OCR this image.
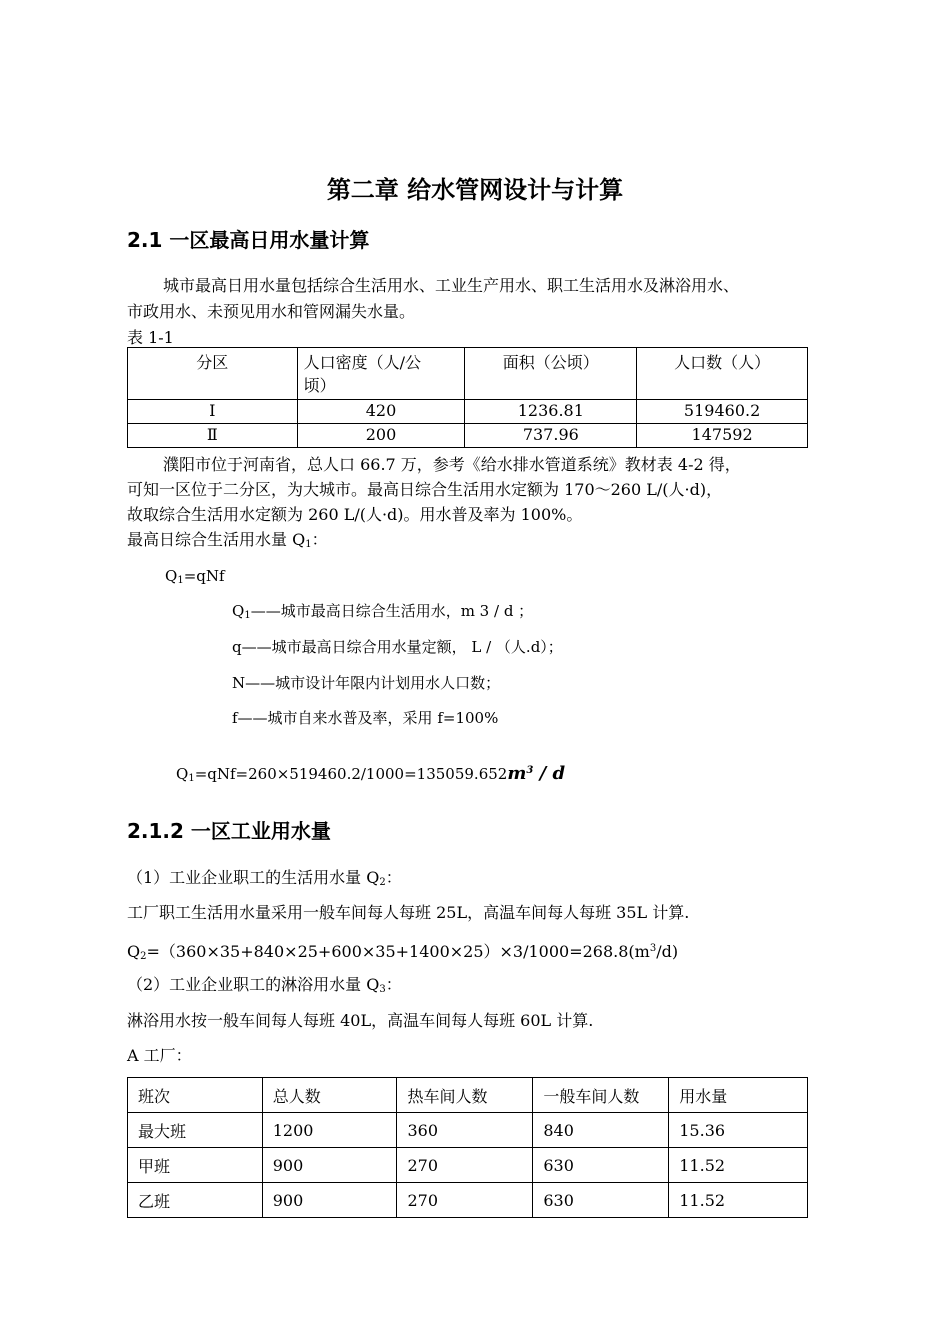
第二章 给水管网设计与计算
2.1 一区最高日用水量计算
城市最高日用水量包括综合生活用水、工业生产用水、职工生活用水及淋浴用水、
市政用水、未预见用水和管网漏失水量。
表 1-1
分区	人口密度（人/公
顷）	面积（公顷）	人口数（人）
Ⅰ	420	1236.81	519460.2
Ⅱ	200	737.96	147592
濮阳市位于河南省，总人口 66.7 万，参考《给水排水管道系统》教材表 4-2 得，
可知一区位于二分区，为大城市。最高日综合生活用水定额为 170～260 L/(人·d)，
故取综合生活用水定额为 260 L/(人·d)。用水普及率为 100%。
最高日综合生活用水量 $Q_1$：
$Q_1=qNf$
$Q_1——$城市最高日综合生活用水，m 3 / d ；
q——城市最高日综合用水量定额， L / （人.d）；
N——城市设计年限内计划用水人口数；
f——城市自来水普及率，采用 f=100%
$Q_1=qNf=260\times 519460.2/1000=135059.652m^3 / d$
2.1.2 一区工业用水量
（1）工业企业职工的生活用水量 $Q_2$：
工厂职工生活用水量采用一般车间每人每班 25L，高温车间每人每班 35L 计算.
$Q_2=(360\times 35+840\times 25+600\times 35+1400\times 25)\times 3/1000=268.8(m^3/d)$
（2）工业企业职工的淋浴用水量 $Q_3$：
淋浴用水按一般车间每人每班 40L，高温车间每人每班 60L 计算.
A 工厂：
班次	总人数	热车间人数	一般车间人数	用水量
最大班	1200	360	840	15.36
甲班	900	270	630	11.52
乙班	900	270	630	11.52
